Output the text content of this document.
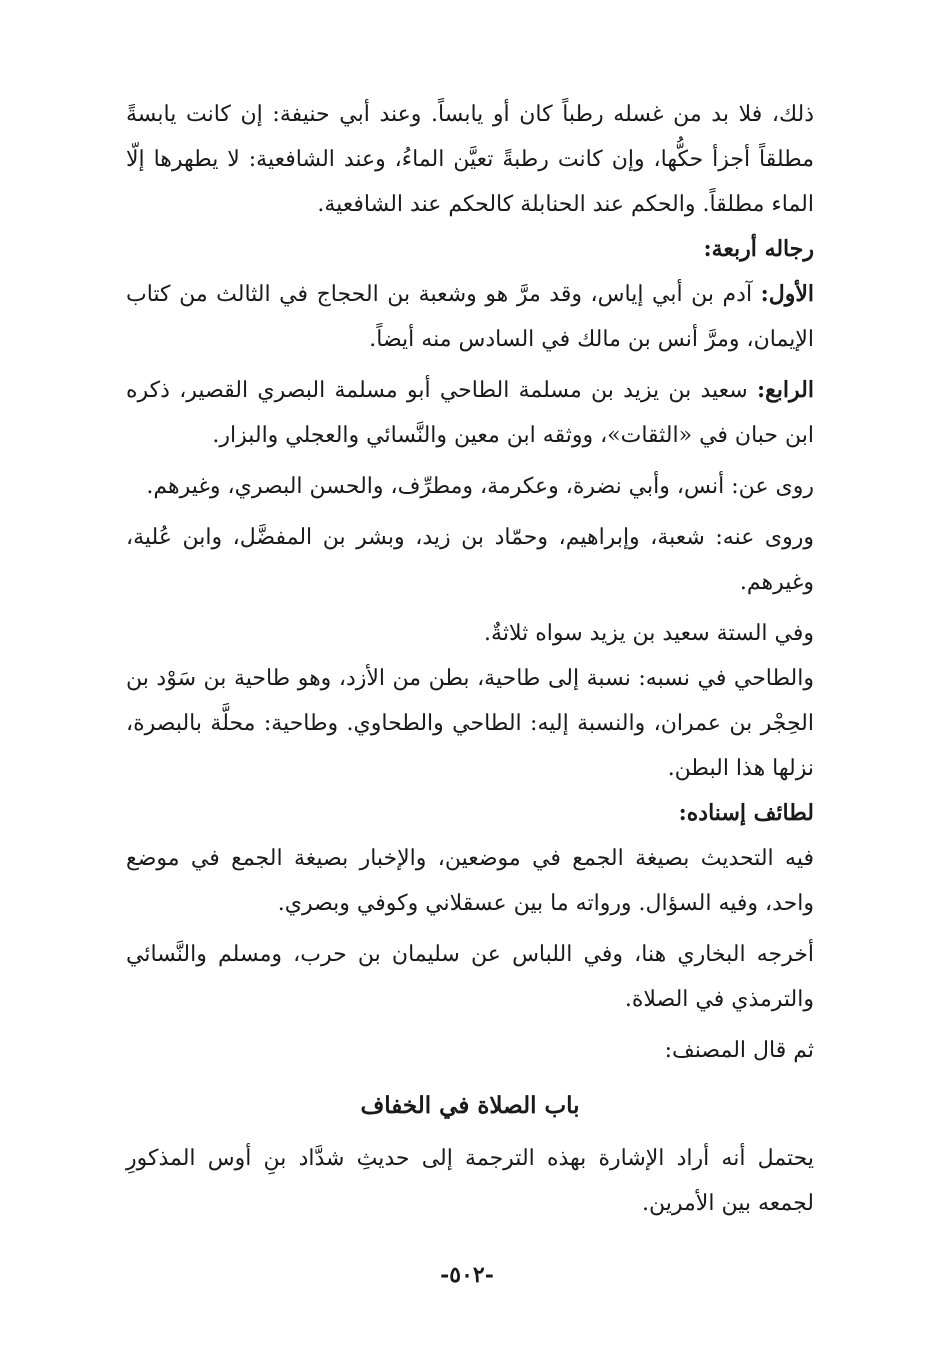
ذلك، فلا بد من غسله رطباً كان أو يابساً. وعند أبي حنيفة: إن كانت يابسةً مطلقاً أجزأ حكُّها، وإن كانت رطبةً تعيَّن الماءُ، وعند الشافعية: لا يطهرها إلّا الماء مطلقاً. والحكم عند الحنابلة كالحكم عند الشافعية.

رجاله أربعة:

الأول: آدم بن أبي إياس، وقد مرَّ هو وشعبة بن الحجاج في الثالث من كتاب الإيمان، ومرَّ أنس بن مالك في السادس منه أيضاً.

الرابع: سعيد بن يزيد بن مسلمة الطاحي أبو مسلمة البصري القصير، ذكره ابن حبان في «الثقات»، ووثقه ابن معين والنَّسائي والعجلي والبزار.

روى عن: أنس، وأبي نضرة، وعكرمة، ومطرِّف، والحسن البصري، وغيرهم.

وروى عنه: شعبة، وإبراهيم، وحمّاد بن زيد، وبشر بن المفضَّل، وابن عُلية، وغيرهم.

وفي الستة سعيد بن يزيد سواه ثلاثةٌ.

والطاحي في نسبه: نسبة إلى طاحية، بطن من الأزد، وهو طاحية بن سَوْد بن الحِجْر بن عمران، والنسبة إليه: الطاحي والطحاوي. وطاحية: محلَّة بالبصرة، نزلها هذا البطن.

لطائف إسناده:

فيه التحديث بصيغة الجمع في موضعين، والإخبار بصيغة الجمع في موضع واحد، وفيه السؤال. ورواته ما بين عسقلاني وكوفي وبصري.

أخرجه البخاري هنا، وفي اللباس عن سليمان بن حرب، ومسلم والنَّسائي والترمذي في الصلاة.

ثم قال المصنف:

باب الصلاة في الخفاف

يحتمل أنه أراد الإشارة بهذه الترجمة إلى حديثِ شدَّاد بنِ أوس المذكورِ لجمعه بين الأمرين.

-٥٠٢-
